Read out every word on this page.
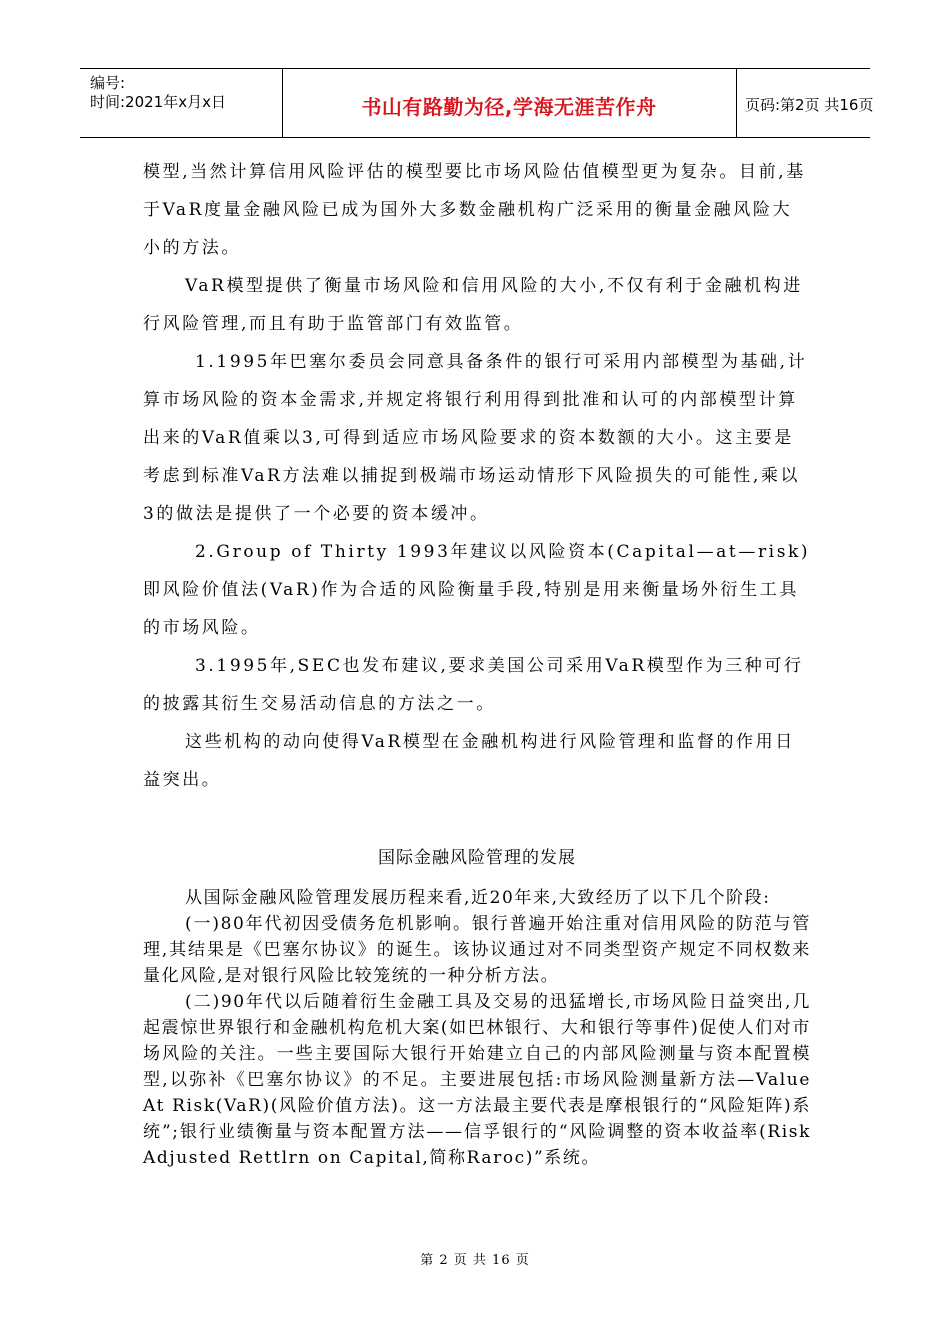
编号:
时间:2021年x月x日	书山有路勤为径,学海无涯苦作舟	页码:第2页 共16页

模型,当然计算信用风险评估的模型要比市场风险估值模型更为复杂。目前,基于VaR度量金融风险已成为国外大多数金融机构广泛采用的衡量金融风险大小的方法。

VaR模型提供了衡量市场风险和信用风险的大小,不仅有利于金融机构进行风险管理,而且有助于监管部门有效监管。

1.1995年巴塞尔委员会同意具备条件的银行可采用内部模型为基础,计算市场风险的资本金需求,并规定将银行利用得到批准和认可的内部模型计算出来的VaR值乘以3,可得到适应市场风险要求的资本数额的大小。这主要是考虑到标准VaR方法难以捕捉到极端市场运动情形下风险损失的可能性,乘以3的做法是提供了一个必要的资本缓冲。

2.Group of Thirty 1993年建议以风险资本(Capital—at—risk)即风险价值法(VaR)作为合适的风险衡量手段,特别是用来衡量场外衍生工具的市场风险。

3.1995年,SEC也发布建议,要求美国公司采用VaR模型作为三种可行的披露其衍生交易活动信息的方法之一。

这些机构的动向使得VaR模型在金融机构进行风险管理和监督的作用日益突出。

国际金融风险管理的发展

从国际金融风险管理发展历程来看,近20年来,大致经历了以下几个阶段:

(一)80年代初因受债务危机影响。银行普遍开始注重对信用风险的防范与管理,其结果是《巴塞尔协议》的诞生。该协议通过对不同类型资产规定不同权数来量化风险,是对银行风险比较笼统的一种分析方法。

(二)90年代以后随着衍生金融工具及交易的迅猛增长,市场风险日益突出,几起震惊世界银行和金融机构危机大案(如巴林银行、大和银行等事件)促使人们对市场风险的关注。一些主要国际大银行开始建立自己的内部风险测量与资本配置模型,以弥补《巴塞尔协议》的不足。主要进展包括:市场风险测量新方法—Value At Risk(VaR)(风险价值方法)。这一方法最主要代表是摩根银行的“风险矩阵)系统”;银行业绩衡量与资本配置方法——信孚银行的“风险调整的资本收益率(Risk Adjusted Rettlrn on Capital,简称Raroc)”系统。

第 2 页 共 16 页
